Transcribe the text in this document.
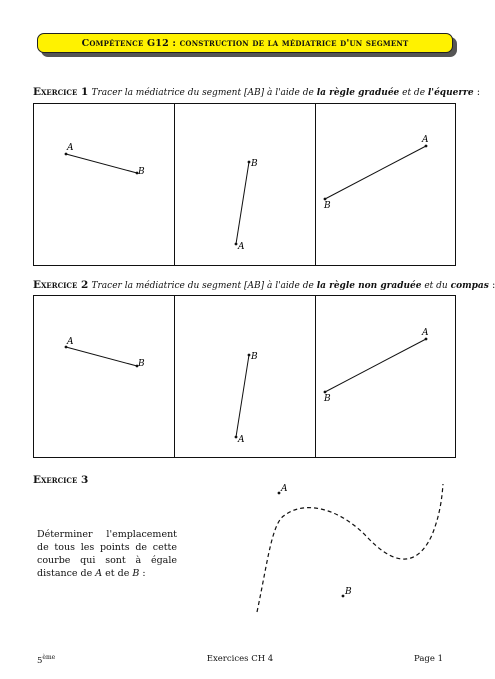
Compétence G12 : construction de la médiatrice d'un segment
Exercice 1 Tracer la médiatrice du segment [AB] à l'aide de la règle graduée et de l'équerre :
A
B
A
B
B
A
Exercice 2 Tracer la médiatrice du segment [AB] à l'aide de la règle non graduée et du compas :
A
B
A
B
B
A
Exercice 3
Déterminer l'emplacement de tous les points de cette courbe qui sont à égale distance de A et de B :
A
B
5ème	Exercices CH 4	Page 1
